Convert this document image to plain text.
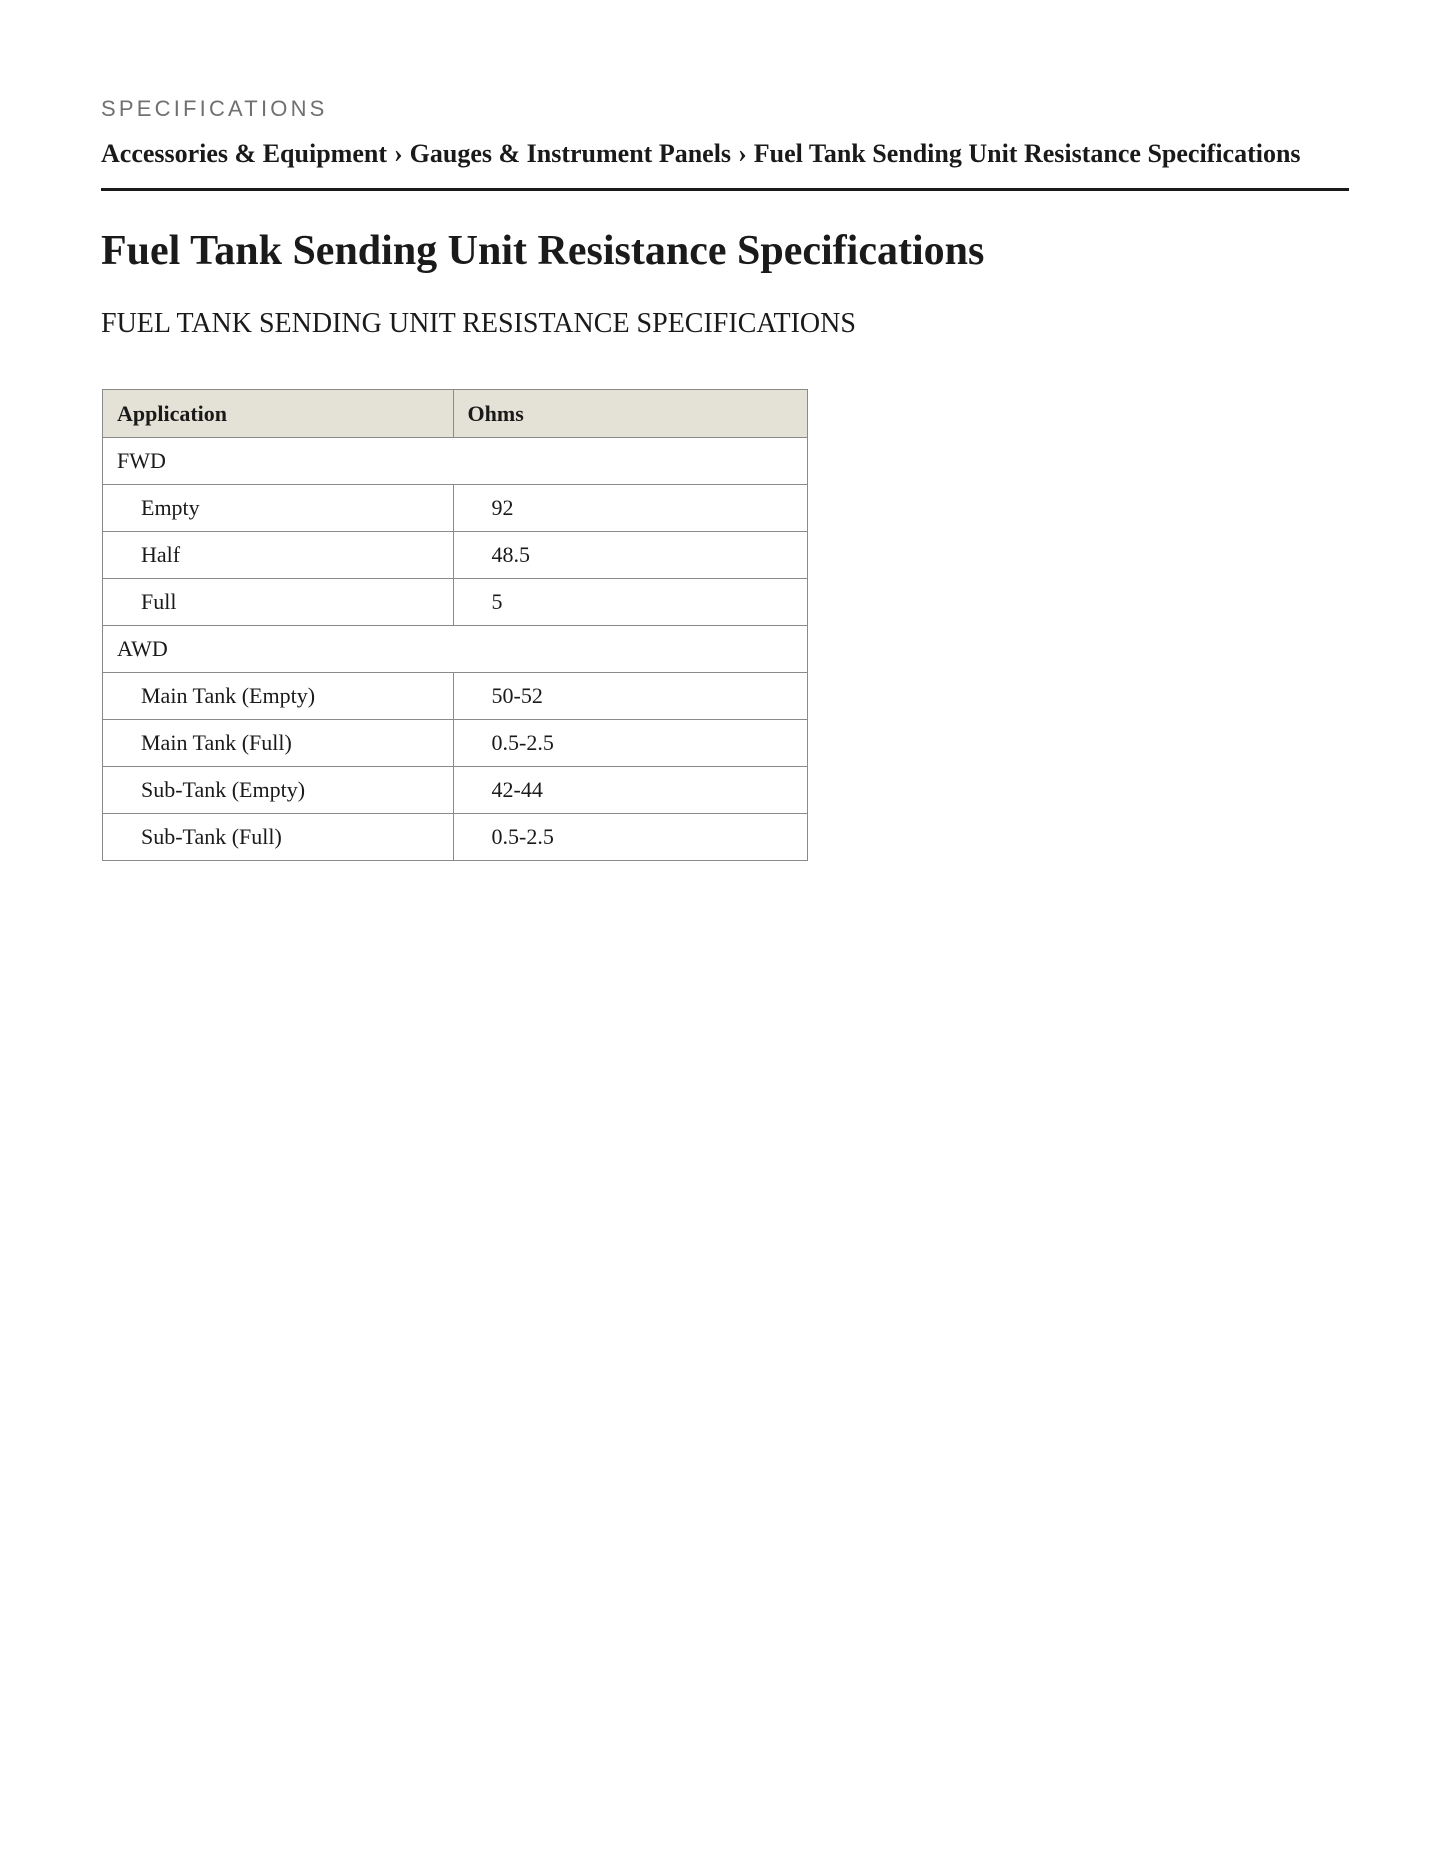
SPECIFICATIONS
Accessories & Equipment › Gauges & Instrument Panels › Fuel Tank Sending Unit Resistance Specifications
Fuel Tank Sending Unit Resistance Specifications
FUEL TANK SENDING UNIT RESISTANCE SPECIFICATIONS
Application	Ohms
FWD	
Empty	92
Half	48.5
Full	5
AWD	
Main Tank (Empty)	50-52
Main Tank (Full)	0.5-2.5
Sub-Tank (Empty)	42-44
Sub-Tank (Full)	0.5-2.5
